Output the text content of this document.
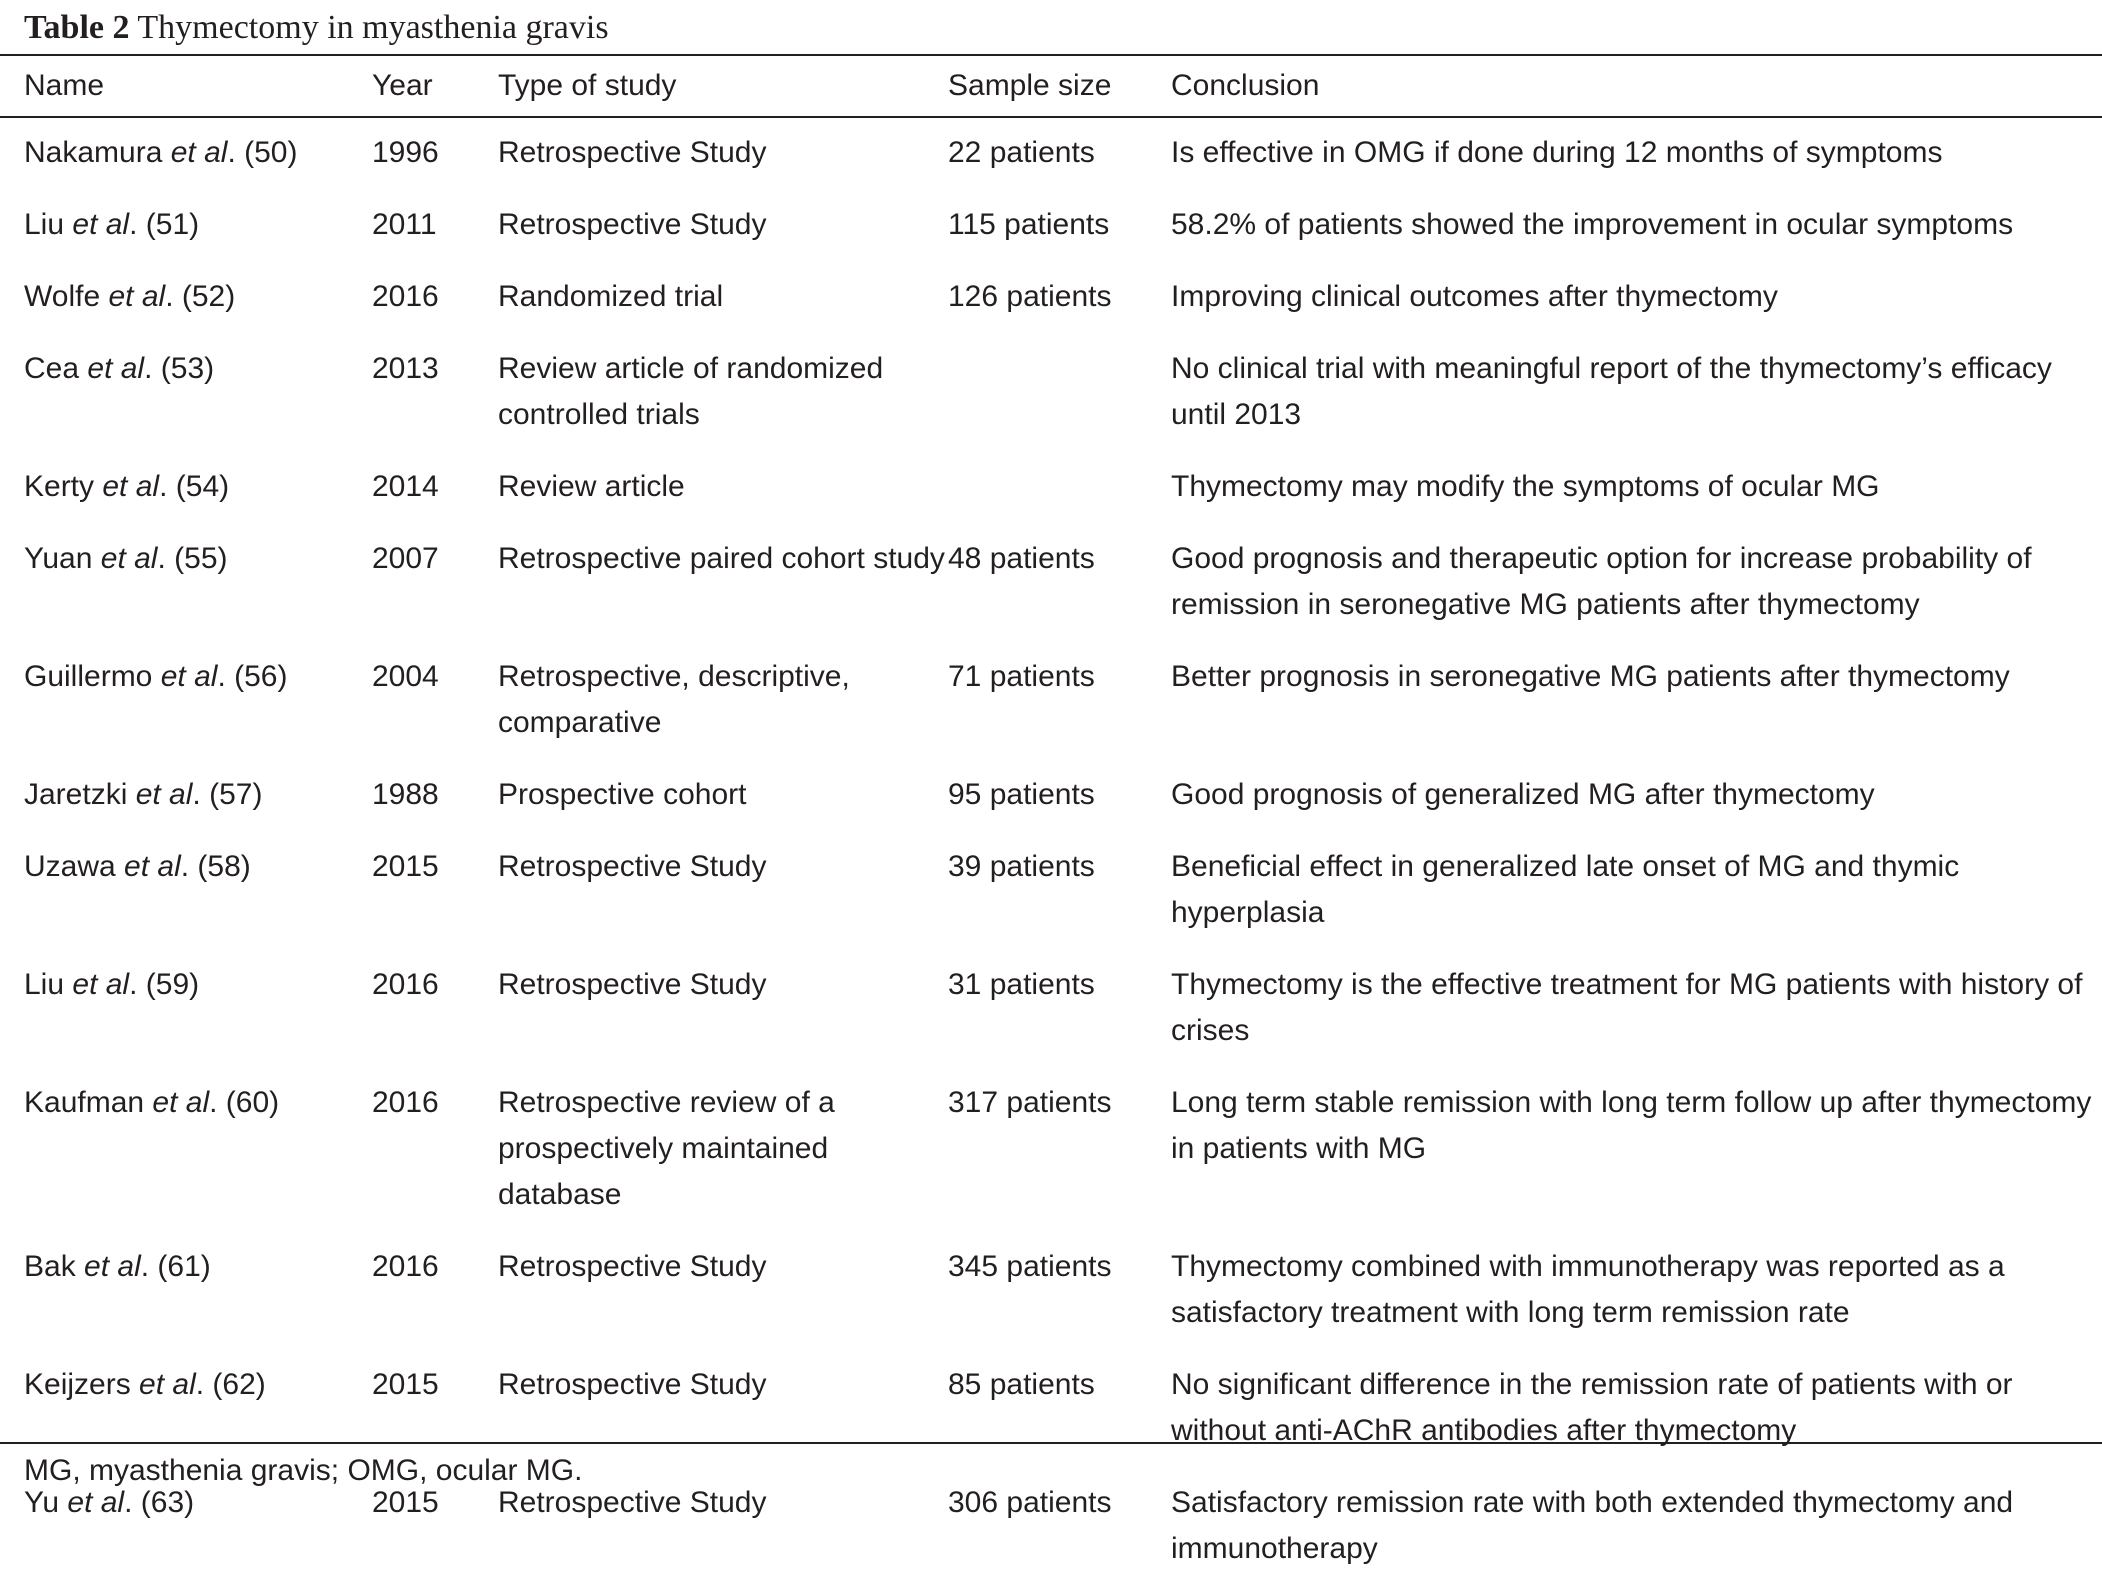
Table 2 Thymectomy in myasthenia gravis
Name	Year	Type of study	Sample size	Conclusion
Nakamura et al. (50)	1996	Retrospective Study	22 patients	Is effective in OMG if done during 12 months of symptoms
Liu et al. (51)	2011	Retrospective Study	115 patients	58.2% of patients showed the improvement in ocular symptoms
Wolfe et al. (52)	2016	Randomized trial	126 patients	Improving clinical outcomes after thymectomy
Cea et al. (53)	2013	Review article of randomized controlled trials		No clinical trial with meaningful report of the thymectomy’s efficacy until 2013
Kerty et al. (54)	2014	Review article		Thymectomy may modify the symptoms of ocular MG
Yuan et al. (55)	2007	Retrospective paired cohort study	48 patients	Good prognosis and therapeutic option for increase probability of remission in seronegative MG patients after thymectomy
Guillermo et al. (56)	2004	Retrospective, descriptive, comparative	71 patients	Better prognosis in seronegative MG patients after thymectomy
Jaretzki et al. (57)	1988	Prospective cohort	95 patients	Good prognosis of generalized MG after thymectomy
Uzawa et al. (58)	2015	Retrospective Study	39 patients	Beneficial effect in generalized late onset of MG and thymic hyperplasia
Liu et al. (59)	2016	Retrospective Study	31 patients	Thymectomy is the effective treatment for MG patients with history of crises
Kaufman et al. (60)	2016	Retrospective review of a prospectively maintained database	317 patients	Long term stable remission with long term follow up after thymectomy in patients with MG
Bak et al. (61)	2016	Retrospective Study	345 patients	Thymectomy combined with immunotherapy was reported as a satisfactory treatment with long term remission rate
Keijzers et al. (62)	2015	Retrospective Study	85 patients	No significant difference in the remission rate of patients with or without anti-AChR antibodies after thymectomy
Yu et al. (63)	2015	Retrospective Study	306 patients	Satisfactory remission rate with both extended thymectomy and immunotherapy
MG, myasthenia gravis; OMG, ocular MG.
